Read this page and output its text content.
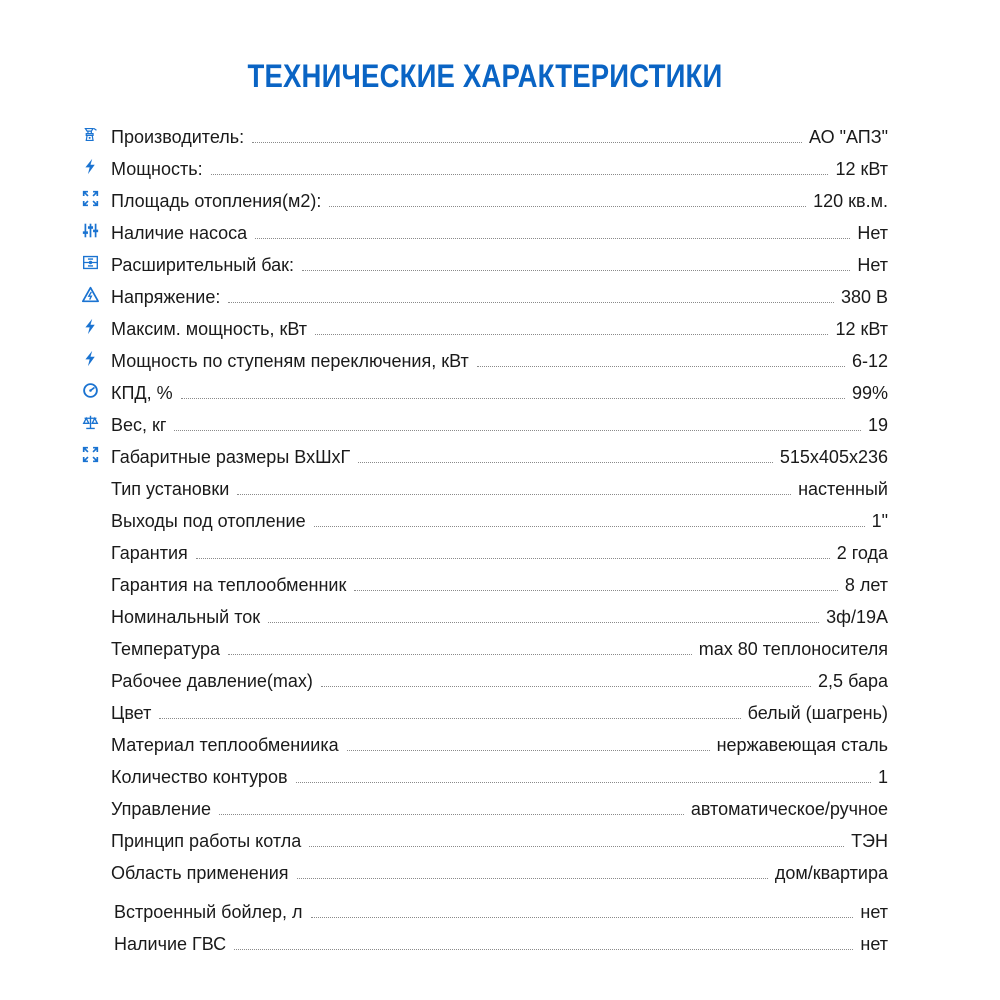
ТЕХНИЧЕСКИЕ ХАРАКТЕРИСТИКИ
Производитель:	АО "АПЗ"
Мощность:	12 кВт
Площадь отопления(м2):	120 кв.м.
Наличие насоса	Нет
Расширительный бак:	Нет
Напряжение:	380 В
Максим. мощность, кВт	12 кВт
Мощность по ступеням переключения, кВт	6-12
КПД, %	99%
Вес, кг	19
Габаритные размеры ВхШхГ	515x405x236
Тип установки	настенный
Выходы под отопление	1"
Гарантия	2 года
Гарантия на теплообменник	8 лет
Номинальный ток	3ф/19А
Температура	max 80 теплоносителя
Рабочее давление(max)	2,5 бара
Цвет	белый (шагрень)
Материал теплообмениика	нержавеющая сталь
Количество контуров	1
Управление	автоматическое/ручное
Принцип работы котла	ТЭН
Область применения	дом/квартира
Встроенный бойлер, л	нет
Наличие ГВС	нет
